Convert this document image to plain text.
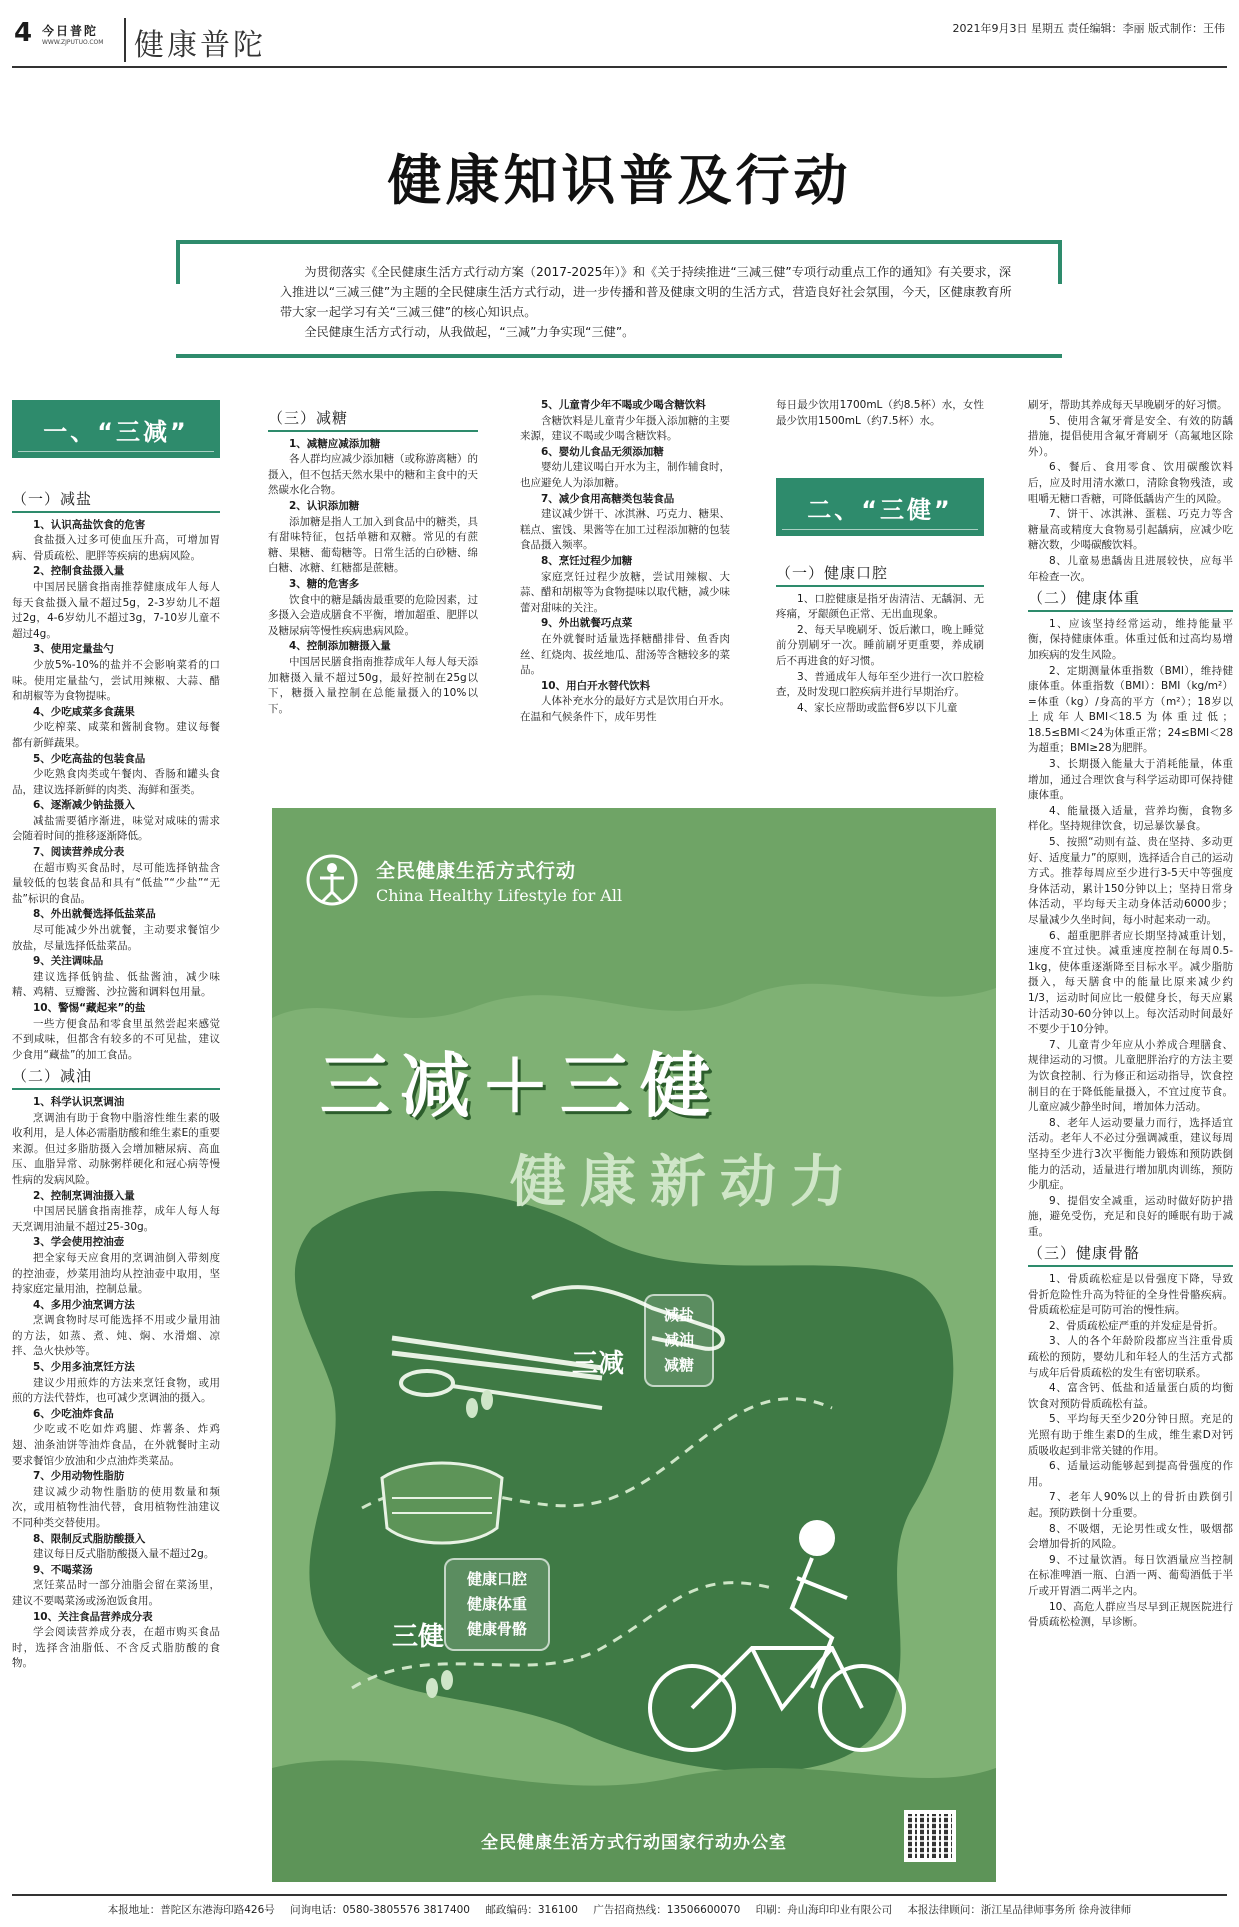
4 今日普陀
WWW.ZJPUTUO.COM	健康普陀	2021年9月3日 星期五 责任编辑：李丽 版式制作：王伟
健康知识普及行动

为贯彻落实《全民健康生活方式行动方案（2017-2025年）》和《关于持续推进“三减三健”专项行动重点工作的通知》有关要求，深入推进以“三减三健”为主题的全民健康生活方式行动，进一步传播和普及健康文明的生活方式，营造良好社会氛围，今天，区健康教育所带大家一起学习有关“三减三健”的核心知识点。

全民健康生活方式行动，从我做起，“三减”力争实现“三健”。

一、“三减”
二、“三健”
（一）减盐
1、认识高盐饮食的危害

食盐摄入过多可使血压升高，可增加胃病、骨质疏松、肥胖等疾病的患病风险。

2、控制食盐摄入量

中国居民膳食指南推荐健康成年人每人每天食盐摄入量不超过5g，2-3岁幼儿不超过2g，4-6岁幼儿不超过3g，7-10岁儿童不超过4g。

3、使用定量盐勺

少放5%-10%的盐并不会影响菜肴的口味。使用定量盐勺，尝试用辣椒、大蒜、醋和胡椒等为食物提味。

4、少吃咸菜多食蔬果

少吃榨菜、咸菜和酱制食物。建议每餐都有新鲜蔬果。

5、少吃高盐的包装食品

少吃熟食肉类或午餐肉、香肠和罐头食品，建议选择新鲜的肉类、海鲜和蛋类。

6、逐渐减少钠盐摄入

减盐需要循序渐进，味觉对咸味的需求会随着时间的推移逐渐降低。

7、阅读营养成分表

在超市购买食品时，尽可能选择钠盐含量较低的包装食品和具有“低盐”“少盐”“无盐”标识的食品。

8、外出就餐选择低盐菜品

尽可能减少外出就餐，主动要求餐馆少放盐，尽量选择低盐菜品。

9、关注调味品

建议选择低钠盐、低盐酱油，减少味精、鸡精、豆瓣酱、沙拉酱和调料包用量。

10、警惕“藏起来”的盐

一些方便食品和零食里虽然尝起来感觉不到咸味，但都含有较多的不可见盐，建议少食用“藏盐”的加工食品。

（二）减油
1、科学认识烹调油

烹调油有助于食物中脂溶性维生素的吸收利用，是人体必需脂肪酸和维生素E的重要来源。但过多脂肪摄入会增加糖尿病、高血压、血脂异常、动脉粥样硬化和冠心病等慢性病的发病风险。

2、控制烹调油摄入量

中国居民膳食指南推荐，成年人每人每天烹调用油量不超过25-30g。

3、学会使用控油壶

把全家每天应食用的烹调油倒入带刻度的控油壶，炒菜用油均从控油壶中取用，坚持家庭定量用油，控制总量。

4、多用少油烹调方法

烹调食物时尽可能选择不用或少量用油的方法，如蒸、煮、炖、焖、水滑熘、凉拌、急火快炒等。

5、少用多油烹饪方法

建议少用煎炸的方法来烹饪食物，或用煎的方法代替炸，也可减少烹调油的摄入。

6、少吃油炸食品

少吃或不吃如炸鸡腿、炸薯条、炸鸡翅、油条油饼等油炸食品，在外就餐时主动要求餐馆少放油和少点油炸类菜品。

7、少用动物性脂肪

建议减少动物性脂肪的使用数量和频次，或用植物性油代替，食用植物性油建议不同种类交替使用。

8、限制反式脂肪酸摄入

建议每日反式脂肪酸摄入量不超过2g。

9、不喝菜汤

烹饪菜品时一部分油脂会留在菜汤里，建议不要喝菜汤或汤泡饭食用。

10、关注食品营养成分表

学会阅读营养成分表，在超市购买食品时，选择含油脂低、不含反式脂肪酸的食物。

（三）减糖
1、减糖应减添加糖

各人群均应减少添加糖（或称游离糖）的摄入，但不包括天然水果中的糖和主食中的天然碳水化合物。

2、认识添加糖

添加糖是指人工加入到食品中的糖类，具有甜味特征，包括单糖和双糖。常见的有蔗糖、果糖、葡萄糖等。日常生活的白砂糖、绵白糖、冰糖、红糖都是蔗糖。

3、糖的危害多

饮食中的糖是龋齿最重要的危险因素，过多摄入会造成膳食不平衡，增加超重、肥胖以及糖尿病等慢性疾病患病风险。

4、控制添加糖摄入量

中国居民膳食指南推荐成年人每人每天添加糖摄入量不超过50g，最好控制在25g以下，糖摄入量控制在总能量摄入的10%以下。

5、儿童青少年不喝或少喝含糖饮料

含糖饮料是儿童青少年摄入添加糖的主要来源，建议不喝或少喝含糖饮料。

6、婴幼儿食品无须添加糖

婴幼儿建议喝白开水为主，制作辅食时，也应避免人为添加糖。

7、减少食用高糖类包装食品

建议减少饼干、冰淇淋、巧克力、糖果、糕点、蜜饯、果酱等在加工过程添加糖的包装食品摄入频率。

8、烹饪过程少加糖

家庭烹饪过程少放糖，尝试用辣椒、大蒜、醋和胡椒等为食物提味以取代糖，减少味蕾对甜味的关注。

9、外出就餐巧点菜

在外就餐时适量选择糖醋排骨、鱼香肉丝、红烧肉、拔丝地瓜、甜汤等含糖较多的菜品。

10、用白开水替代饮料

人体补充水分的最好方式是饮用白开水。在温和气候条件下，成年男性

每日最少饮用1700mL（约8.5杯）水，女性最少饮用1500mL（约7.5杯）水。

（一）健康口腔

1、口腔健康是指牙齿清洁、无龋洞、无疼痛，牙龈颜色正常、无出血现象。

2、每天早晚刷牙、饭后漱口，晚上睡觉前分别刷牙一次。睡前刷牙更重要，养成刷后不再进食的好习惯。

3、普通成年人每年至少进行一次口腔检查，及时发现口腔疾病并进行早期治疗。

4、家长应帮助或监督6岁以下儿童

刷牙，帮助其养成每天早晚刷牙的好习惯。

5、使用含氟牙膏是安全、有效的防龋措施，提倡使用含氟牙膏刷牙（高氟地区除外）。

6、餐后、食用零食、饮用碳酸饮料后，应及时用清水漱口，清除食物残渣，或咀嚼无糖口香糖，可降低龋齿产生的风险。

7、饼干、冰淇淋、蛋糕、巧克力等含糖量高或精度大食物易引起龋病，应减少吃糖次数，少喝碳酸饮料。

8、儿童易患龋齿且进展较快，应每半年检查一次。

（二）健康体重

1、应该坚持经常运动，维持能量平衡，保持健康体重。体重过低和过高均易增加疾病的发生风险。

2、定期测量体重指数（BMI），维持健康体重。体重指数（BMI）：BMI（kg/m²）=体重（kg）/身高的平方（m²）；18岁以上成年人BMI＜18.5为体重过低；18.5≤BMI＜24为体重正常；24≤BMI＜28为超重；BMI≥28为肥胖。

3、长期摄入能量大于消耗能量，体重增加，通过合理饮食与科学运动即可保持健康体重。

4、能量摄入适量，营养均衡，食物多样化。坚持规律饮食，切忌暴饮暴食。

5、按照“动则有益、贵在坚持、多动更好、适度量力”的原则，选择适合自己的运动方式。推荐每周应至少进行3-5天中等强度身体活动，累计150分钟以上；坚持日常身体活动，平均每天主动身体活动6000步；尽量减少久坐时间，每小时起来动一动。

6、超重肥胖者应长期坚持减重计划，速度不宜过快。减重速度控制在每周0.5-1kg，使体重逐渐降至目标水平。减少脂肪摄入，每天膳食中的能量比原来减少约1/3，运动时间应比一般健身长，每天应累计活动30-60分钟以上。每次活动时间最好不要少于10分钟。

7、儿童青少年应从小养成合理膳食、规律运动的习惯。儿童肥胖治疗的方法主要为饮食控制、行为修正和运动指导，饮食控制目的在于降低能量摄入，不宜过度节食。儿童应减少静坐时间，增加体力活动。

8、老年人运动要量力而行，选择适宜活动。老年人不必过分强调减重，建议每周坚持至少进行3次平衡能力锻炼和预防跌倒能力的活动，适量进行增加肌肉训练，预防少肌症。

9、提倡安全减重，运动时做好防护措施，避免受伤，充足和良好的睡眠有助于减重。

（三）健康骨骼

1、骨质疏松症是以骨强度下降，导致骨折危险性升高为特征的全身性骨骼疾病。骨质疏松症是可防可治的慢性病。

2、骨质疏松症严重的并发症是骨折。

3、人的各个年龄阶段都应当注重骨质疏松的预防，婴幼儿和年轻人的生活方式都与成年后骨质疏松的发生有密切联系。

4、富含钙、低盐和适量蛋白质的均衡饮食对预防骨质疏松有益。

5、平均每天至少20分钟日照。充足的光照有助于维生素D的生成，维生素D对钙质吸收起到非常关键的作用。

6、适量运动能够起到提高骨强度的作用。

7、老年人90%以上的骨折由跌倒引起。预防跌倒十分重要。

8、不吸烟，无论男性或女性，吸烟都会增加骨折的风险。

9、不过量饮酒。每日饮酒量应当控制在标准啤酒一瓶、白酒一两、葡萄酒低于半斤或开胃酒二两半之内。

10、高危人群应当尽早到正规医院进行骨质疏松检测，早诊断。

全民健康生活方式行动
China Healthy Lifestyle for All
三减＋三健
健康新动力
三减
减盐
减油
减糖
三健
健康口腔
健康体重
健康骨骼
全民健康生活方式行动国家行动办公室
本报地址：普陀区东港海印路426号 问询电话：0580-3805576 3817400 邮政编码：316100 广告招商热线：13506600070 印刷：舟山海印印业有限公司 本报法律顾问：浙江星品律师事务所 徐舟波律师
